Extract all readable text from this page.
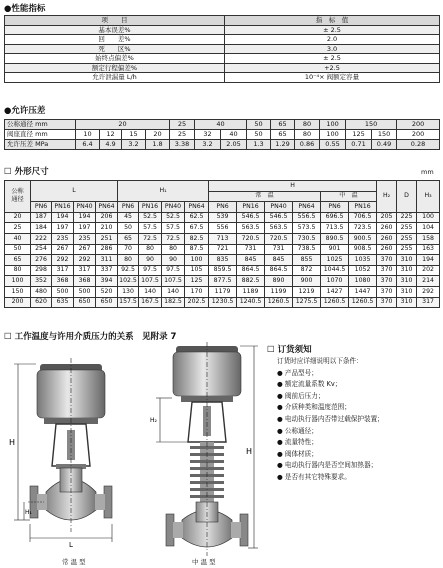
●性能指标
项　　目	指　标　值
基本误差%	± 2.5
回　　差%	2.0
死　　区%	3.0
始终点偏差%	± 2.5
额定行程偏差%	+2.5
允许泄漏量 L/h	10⁻⁴× 阀额定容量
●允许压差
公称通径 mm	20				25	40		50	65	80	100	150		200
阀座直径 mm	10	12	15	20	25	32	40	50	65	80	100	125	150	200
允许压差 MPa	6.4	4.9	3.2	1.8	3.38	3.2	2.05	1.3	1.29	0.86	0.55	0.71	0.49	0.28
☐ 外形尺寸	mm
公称
通径	L				H₁				H						H₂	D	H₃	
									常　温				中　温					
	PN6	PN16	PN40	PN64	PN6	PN16	PN40	PN64	PN6	PN16	PN40	PN64	PN6	PN16		
20	187	194	194	206	45	52.5	52.5	62.5	539	546.5	546.5	556.5	696.5	706.5	205	225	100	
25	184	197	197	210	50	57.5	57.5	67.5	556	563.5	563.5	573.5	713.5	723.5	260	255	104	
40	222	235	235	251	65	72.5	72.5	82.5	713	720.5	720.5	730.5	890.5	900.5	260	255	158	
50	254	267	267	286	70	80	80	87.5	721	731	731	738.5	901	908.5	260	255	163	
65	276	292	292	311	80	90	90	100	835	845	845	855	1025	1035	370	310	194	
80	298	317	317	337	92.5	97.5	97.5	105	859.5	864.5	864.5	872	1044.5	1052	370	310	202	
100	352	368	368	394	102.5	107.5	107.5	125	877.5	882.5	890	900	1070	1080	370	310	214	
150	480	500	500	520	130	140	140	170	1179	1189	1199	1219	1427	1447	370	310	292	
200	620	635	650	650	157.5	167.5	182.5	202.5	1230.5	1240.5	1260.5	1275.5	1260.5	1260.5	370	310	317	
☐ 工作温度与许用介质压力的关系　见附录 7
H
H₁
L
H
H₂
常 温 型	中 温 型
☐ 订货须知
订货时应详细说明以下条件：
● 产品型号；
● 额定流量系数 Kv；
● 阀前后压力；
● 介质种类和温度范围；
● 电动执行器内否带过载保护装置；
● 公称通径；
● 流量特性；
● 阀体材质；
● 电动执行器内是否空间加热器；
● 是否有其它特殊要求。
